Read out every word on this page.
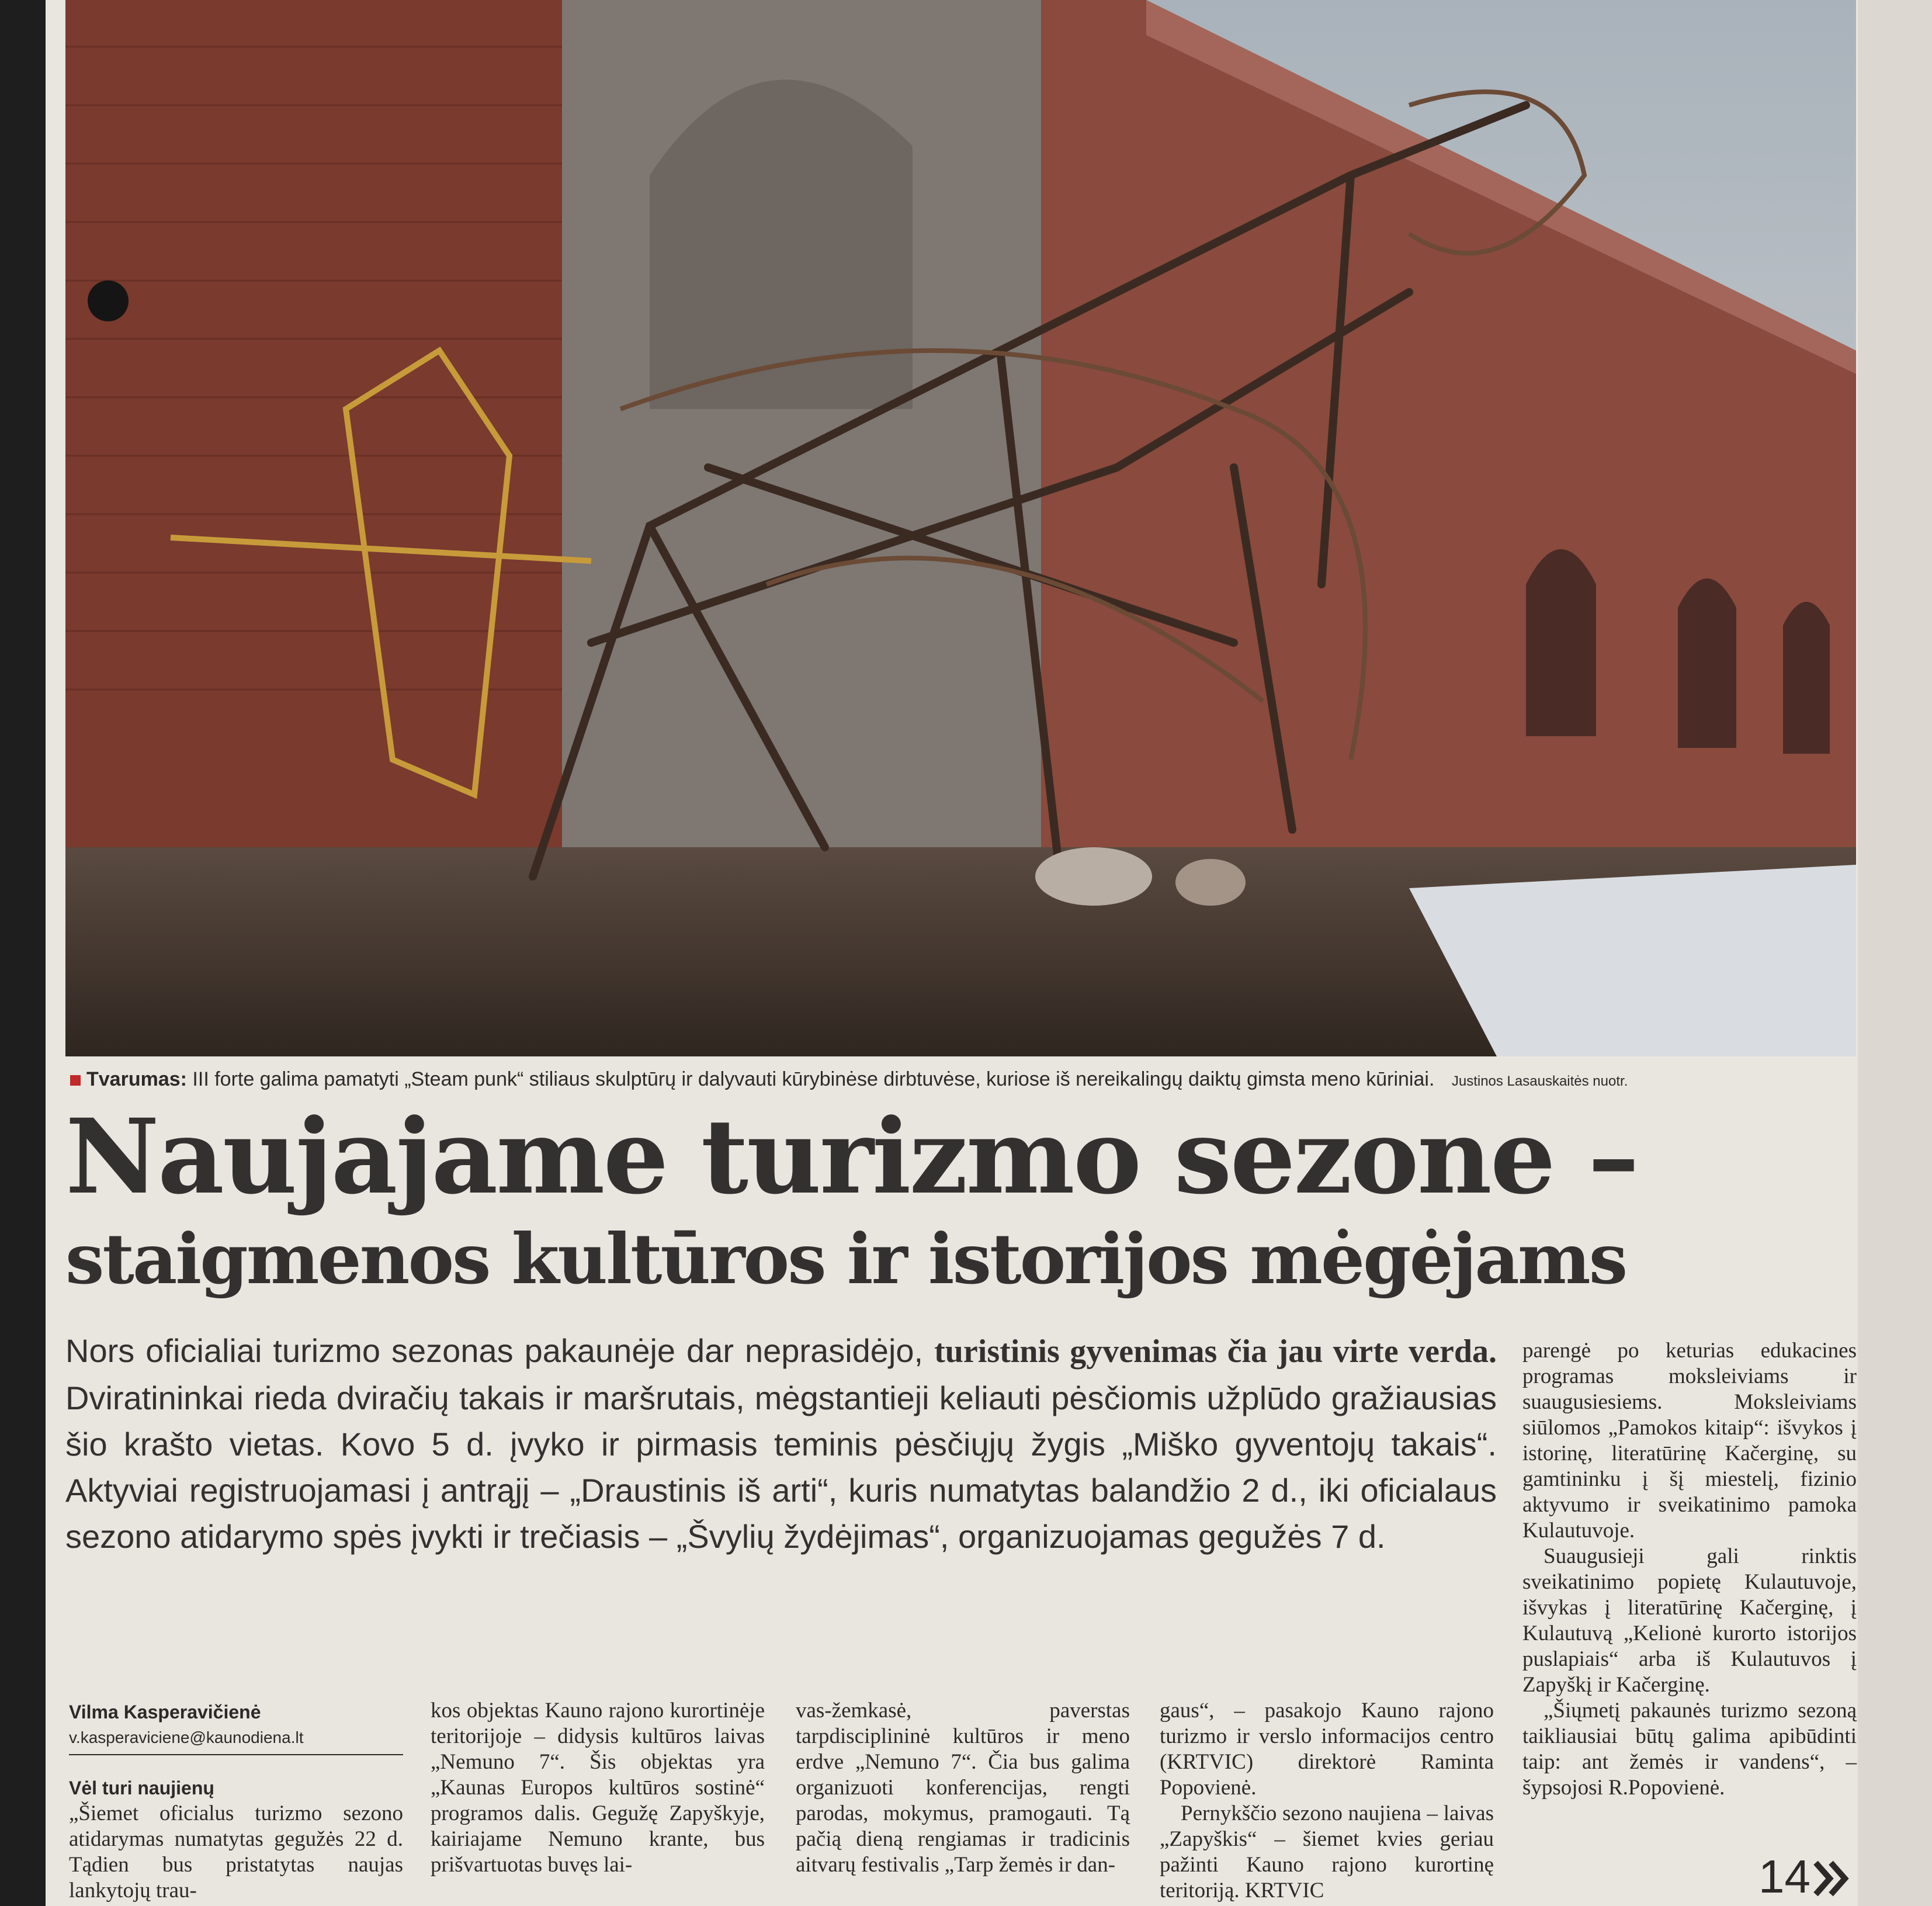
Tvarumas: III forte galima pamatyti „Steam punk“ stiliaus skulptūrų ir dalyvauti kūrybinėse dirbtuvėse, kuriose iš nereikalingų daiktų gimsta meno kūriniai. Justinos Lasauskaitės nuotr.
Naujajame turizmo sezone –
staigmenos kultūros ir istorijos mėgėjams
Nors oficialiai turizmo sezonas pakaunėje dar neprasidėjo, turistinis gyvenimas čia jau virte verda. Dviratininkai rieda dviračių takais ir maršrutais, mėgstantieji keliauti pėsčiomis užplūdo gražiausias šio krašto vietas. Kovo 5 d. įvyko ir pirmasis teminis pėsčiųjų žygis „Miško gyventojų takais“. Aktyviai registruojamasi į antrąjį – „Draustinis iš arti“, kuris numatytas balandžio 2 d., iki oficialaus sezono atidarymo spės įvykti ir trečiasis – „Švylių žydėjimas“, organizuojamas gegužės 7 d.
Vilma Kasperavičienė
v.kasperaviciene@kaunodiena.lt
Vėl turi naujienų

„Šiemet oficialus turizmo sezono atidarymas numatytas gegužės 22 d. Tądien bus pristatytas naujas lankytojų trau-

kos objektas Kauno rajono kurortinėje teritorijoje – didysis kultūros laivas „Nemuno 7“. Šis objektas yra „Kaunas Europos kultūros sostinė“ programos dalis. Gegužę Zapyškyje, kairiajame Nemuno krante, bus prišvartuotas buvęs lai-

vas-žemkasė, paverstas tarpdisciplininė kultūros ir meno erdve „Nemuno 7“. Čia bus galima organizuoti konferencijas, rengti parodas, mokymus, pramogauti. Tą pačią dieną rengiamas ir tradicinis aitvarų festivalis „Tarp žemės ir dan-

gaus“, – pasakojo Kauno rajono turizmo ir verslo informacijos centro (KRTVIC) direktorė Raminta Popovienė.

Pernykščio sezono naujiena – laivas „Zapyškis“ – šiemet kvies geriau pažinti Kauno rajono kurortinę teritoriją. KRTVIC

parengė po keturias edukacines programas moksleiviams ir suaugusiesiems. Moksleiviams siūlomos „Pamokos kitaip“: išvykos į istorinę, literatūrinę Kačerginę, su gamtininku į šį miestelį, fizinio aktyvumo ir sveikatinimo pamoka Kulautuvoje.

Suaugusieji gali rinktis sveikatinimo popietę Kulautuvoje, išvykas į literatūrinę Kačerginę, į Kulautuvą „Kelionė kurorto istorijos puslapiais“ arba iš Kulautuvos į Zapyškį ir Kačerginę.

„Šiųmetį pakaunės turizmo sezoną taikliausiai būtų galima apibūdinti taip: ant žemės ir vandens“, – šypsojosi R.Popovienė.

14
